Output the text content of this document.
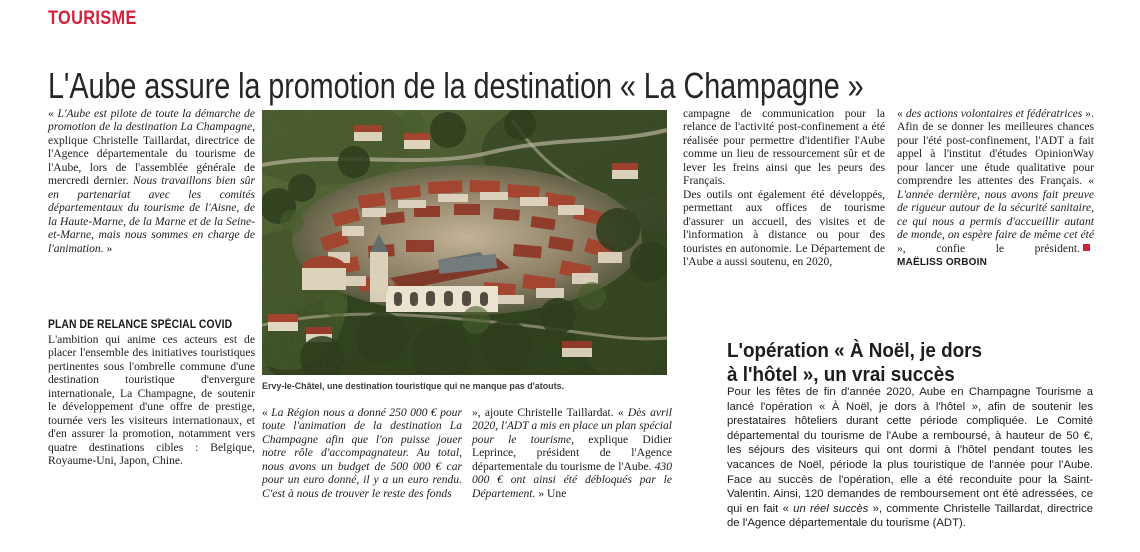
TOURISME
L'Aube assure la promotion de la destination « La Champagne »

« L'Aube est pilote de toute la démarche de promotion de la destination La Champagne, explique Christelle Taillardat, directrice de l'Agence départementale du tourisme de l'Aube, lors de l'assemblée générale de mercredi dernier. Nous travaillons bien sûr en partenariat avec les comités départementaux du tourisme de l'Aisne, de la Haute-Marne, de la Marne et de la Seine-et-Marne, mais nous sommes en charge de l'animation. »

PLAN DE RELANCE SPÉCIAL COVID

L'ambition qui anime ces acteurs est de placer l'ensemble des initiatives touristiques pertinentes sous l'ombrelle commune d'une destination touristique d'envergure internationale, La Champagne, de soutenir le développement d'une offre de prestige, tournée vers les visiteurs internationaux, et d'en assurer la promotion, notamment vers quatre destinations cibles : Belgique, Royaume-Uni, Japon, Chine.

Ervy-le-Châtel, une destination touristique qui ne manque pas d'atouts.

« La Région nous a donné 250 000 € pour toute l'animation de la destination La Champagne afin que l'on puisse jouer notre rôle d'accompagnateur. Au total, nous avons un budget de 500 000 € car pour un euro donné, il y a un euro rendu. C'est à nous de trouver le reste des fonds

», ajoute Christelle Taillardat. « Dès avril 2020, l'ADT a mis en place un plan spécial pour le tourisme, explique Didier Leprince, président de l'Agence départementale du tourisme de l'Aube. 430 000 € ont ainsi été débloqués par le Département. » Une

campagne de communication pour la relance de l'activité post-confinement a été réalisée pour permettre d'identifier l'Aube comme un lieu de ressourcement sûr et de lever les freins ainsi que les peurs des Français.

Des outils ont également été développés, permettant aux offices de tourisme d'assurer un accueil, des visites et de l'information à distance ou pour des touristes en autonomie. Le Département de l'Aube a aussi soutenu, en 2020,

« des actions volontaires et fédératrices ». Afin de se donner les meilleures chances pour l'été post-confinement, l'ADT a fait appel à l'institut d'études OpinionWay pour lancer une étude qualitative pour comprendre les attentes des Français. « L'année dernière, nous avons fait preuve de rigueur autour de la sécurité sanitaire, ce qui nous a permis d'accueillir autant de monde, on espère faire de même cet été », confie le président.MAËLISS ORBOIN

L'opération « À Noël, je dors
à l'hôtel », un vrai succès

Pour les fêtes de fin d'année 2020, Aube en Champagne Tourisme a lancé l'opération « À Noël, je dors à l'hôtel », afin de soutenir les prestataires hôteliers durant cette période compliquée. Le Comité départemental du tourisme de l'Aube a remboursé, à hauteur de 50 €, les séjours des visiteurs qui ont dormi à l'hôtel pendant toutes les vacances de Noël, période la plus touristique de l'année pour l'Aube. Face au succès de l'opération, elle a été reconduite pour la Saint-Valentin. Ainsi, 120 demandes de remboursement ont été adressées, ce qui en fait « un réel succès », commente Christelle Taillardat, directrice de l'Agence départementale du tourisme (ADT).
